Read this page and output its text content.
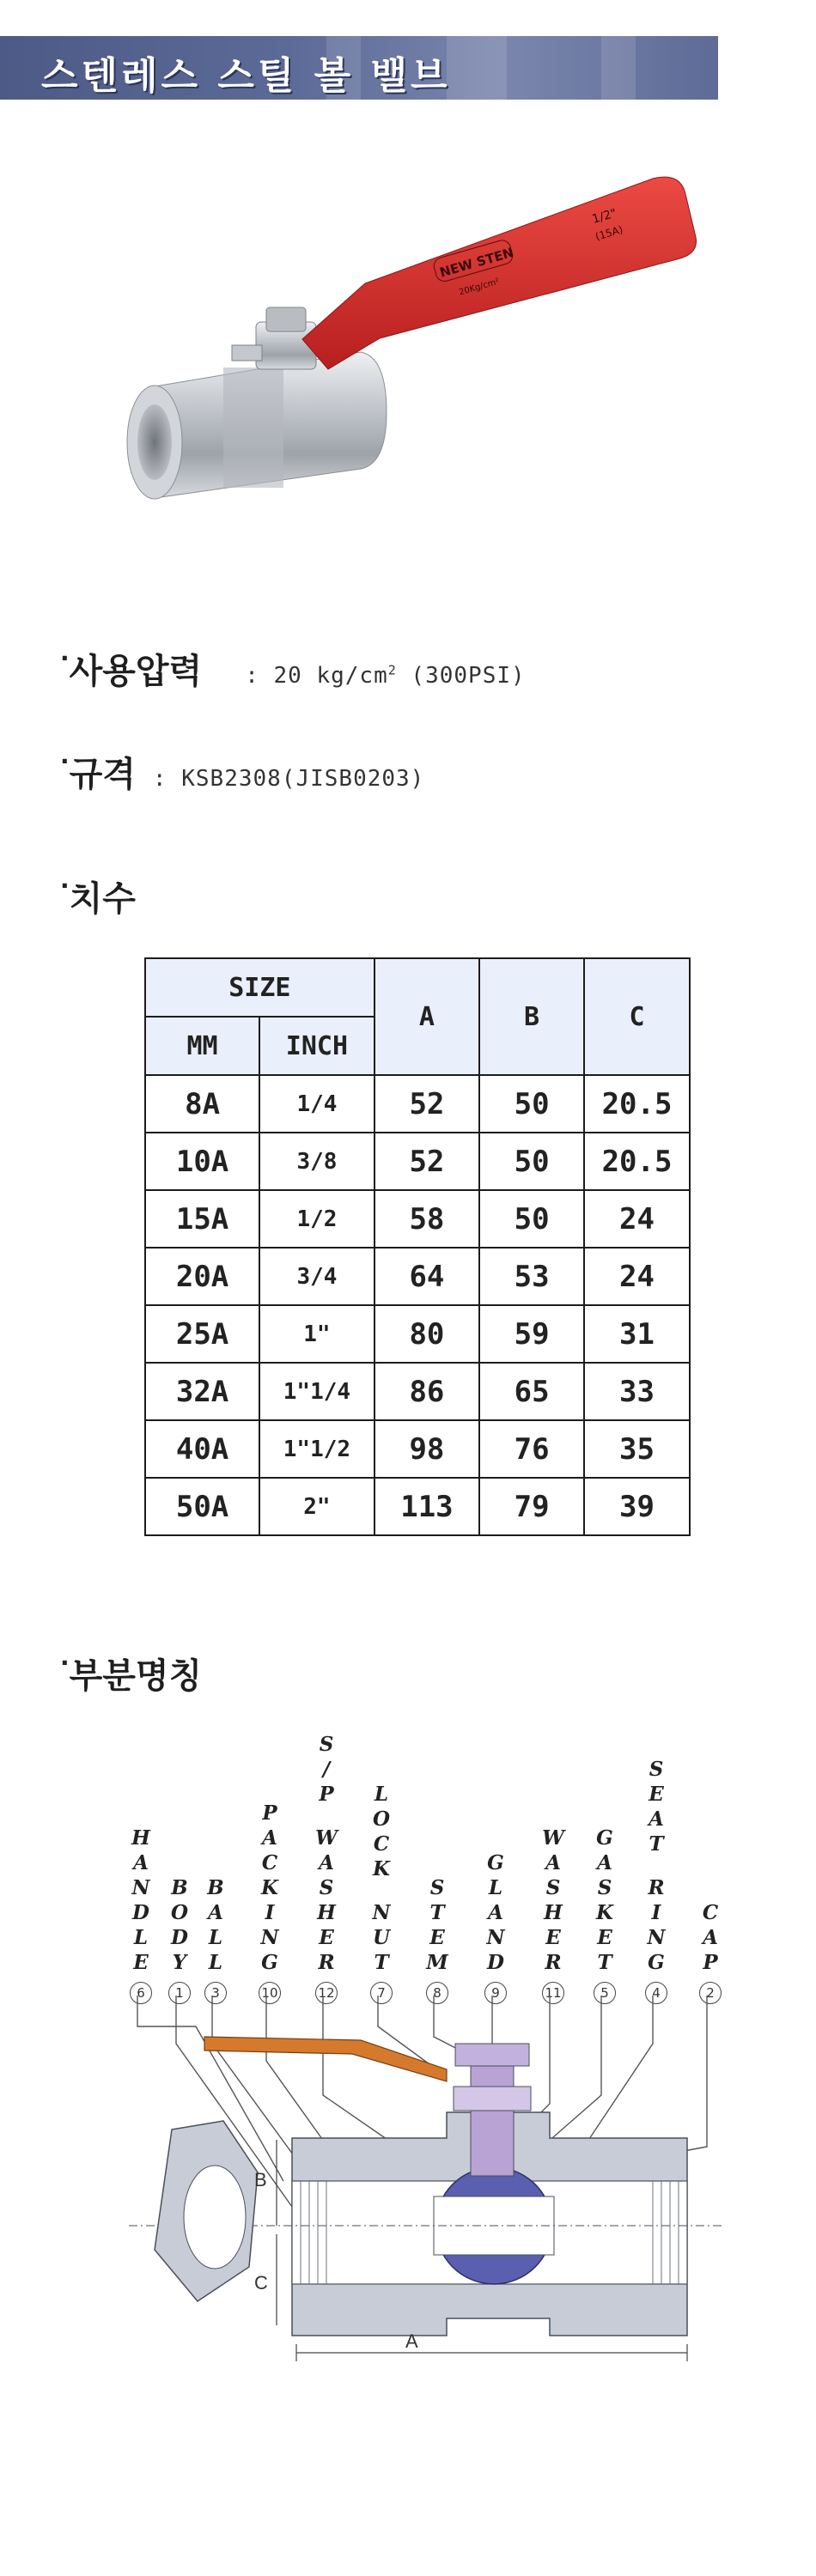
스텐레스 스틸 볼 밸브
NEW STEN
20Kg/cm²
1/2"
(15A)
·사용압력 : 20 $kg/cm^2$ (300PSI)
·규격 : KSB2308(JISB0203)
·치수
SIZE		A	B	C
MM	INCH			
8A	1/4	52	50	20.5
10A	3/8	52	50	20.5
15A	1/2	58	50	24
20A	3/4	64	53	24
25A	1"	80	59	31
32A	1"1/4	86	65	33
40A	1"1/2	98	76	35
50A	2"	113	79	39
·부분명칭
H
A
N
D
L
E
6
B
O
D
Y
1
B
A
L
L
3
P
A
C
K
I
N
G
10
S
/
P
W
A
S
H
E
R
12
L
O
C
K
N
U
T
7
S
T
E
M
8
G
L
A
N
D
9
W
A
S
H
E
R
11
G
A
S
K
E
T
5
S
E
A
T
R
I
N
G
4
C
A
P
2
B
C
A
